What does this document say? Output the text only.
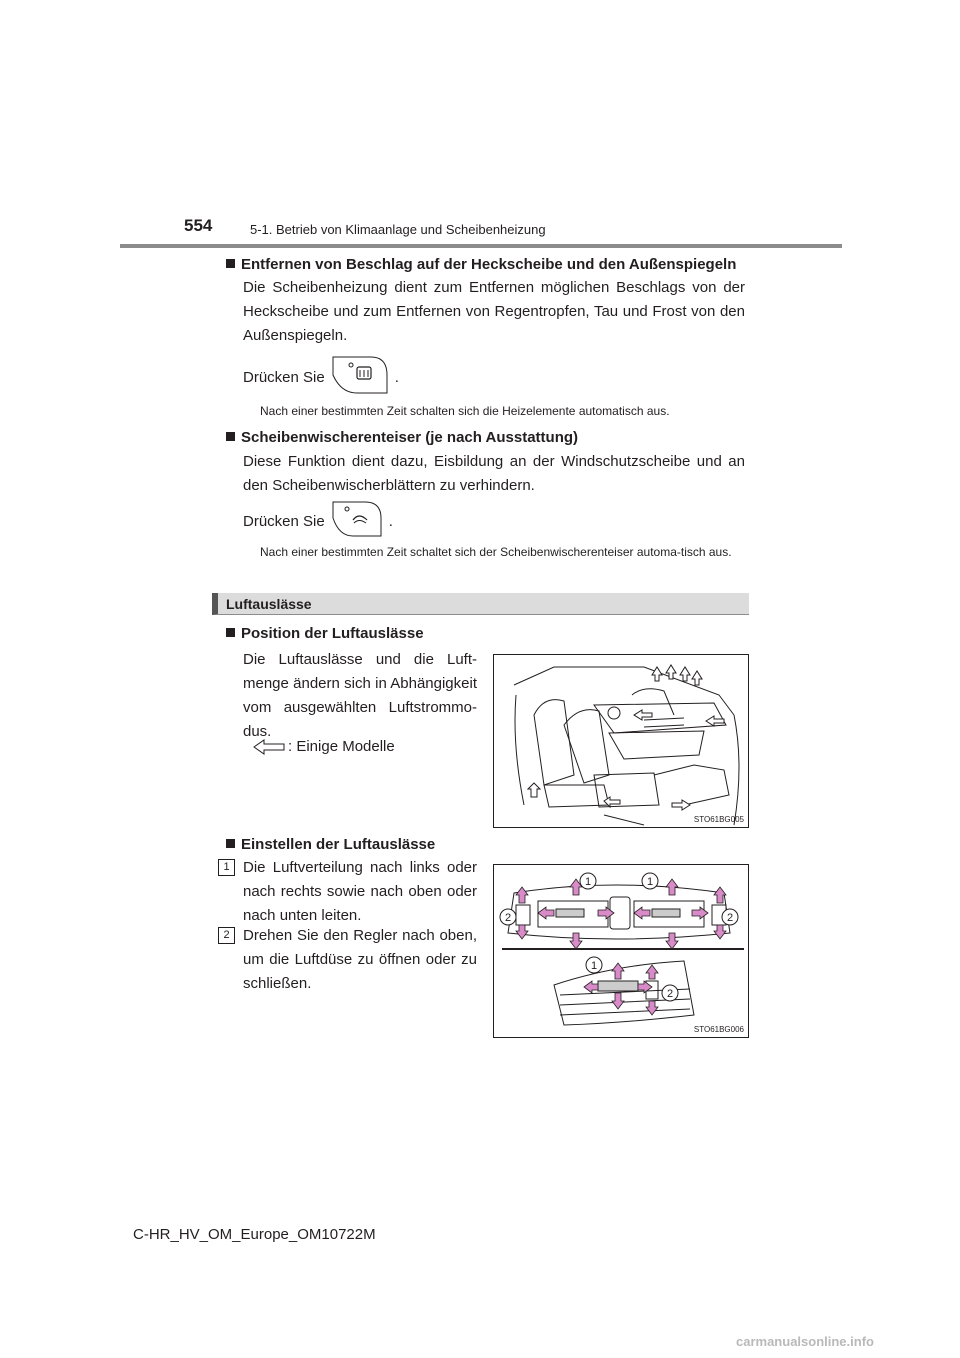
554	5-1. Betrieb von Klimaanlage und Scheibenheizung
Entfernen von Beschlag auf der Heckscheibe und den Außenspiegeln
Die Scheibenheizung dient zum Entfernen möglichen Beschlags von der Heckscheibe und zum Entfernen von Regentropfen, Tau und Frost von den Außenspiegeln.
Drücken Sie	.
Nach einer bestimmten Zeit schalten sich die Heizelemente automatisch aus.
Scheibenwischerenteiser (je nach Ausstattung)
Diese Funktion dient dazu, Eisbildung an der Windschutzscheibe und an den Scheibenwischerblättern zu verhindern.
Drücken Sie	.
Nach einer bestimmten Zeit schaltet sich der Scheibenwischerenteiser automa-tisch aus.
Luftauslässe
Position der Luftauslässe
Die Luftauslässe und die Luft-menge ändern sich in Abhängigkeit vom ausgewählten Luftstrommo-dus.
: Einige Modelle
STO61BG005
Einstellen der Luftauslässe
1 Die Luftverteilung nach links oder nach rechts sowie nach oben oder nach unten leiten.
2 Drehen Sie den Regler nach oben, um die Luftdüse zu öffnen oder zu schließen.
1	1
2	2
1
2
STO61BG006
C-HR_HV_OM_Europe_OM10722M
carmanualsonline.info
